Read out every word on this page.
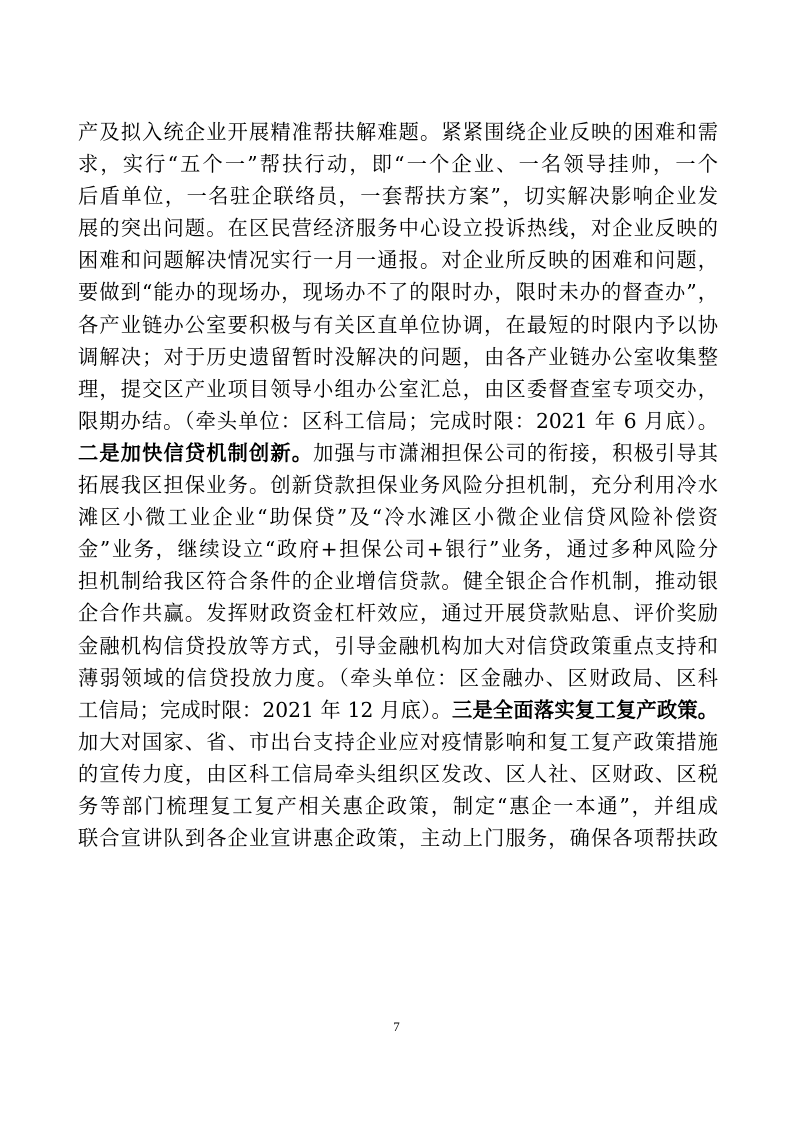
产及拟入统企业开展精准帮扶解难题。紧紧围绕企业反映的困难和需
求，实行“五个一”帮扶行动，即“一个企业、一名领导挂帅，一个
后盾单位，一名驻企联络员，一套帮扶方案”，切实解决影响企业发
展的突出问题。在区民营经济服务中心设立投诉热线，对企业反映的
困难和问题解决情况实行一月一通报。对企业所反映的困难和问题，
要做到“能办的现场办，现场办不了的限时办，限时未办的督查办”，
各产业链办公室要积极与有关区直单位协调，在最短的时限内予以协
调解决；对于历史遗留暂时没解决的问题，由各产业链办公室收集整
理，提交区产业项目领导小组办公室汇总，由区委督查室专项交办，
限期办结。（牵头单位：区科工信局；完成时限：2021 年 6 月底）。
二是加快信贷机制创新。加强与市潇湘担保公司的衔接，积极引导其
拓展我区担保业务。创新贷款担保业务风险分担机制，充分利用冷水
滩区小微工业企业“助保贷”及“冷水滩区小微企业信贷风险补偿资
金”业务，继续设立“政府+担保公司+银行”业务，通过多种风险分
担机制给我区符合条件的企业增信贷款。健全银企合作机制，推动银
企合作共赢。发挥财政资金杠杆效应，通过开展贷款贴息、评价奖励
金融机构信贷投放等方式，引导金融机构加大对信贷政策重点支持和
薄弱领域的信贷投放力度。（牵头单位：区金融办、区财政局、区科
工信局；完成时限：2021 年 12 月底）。三是全面落实复工复产政策。
加大对国家、省、市出台支持企业应对疫情影响和复工复产政策措施
的宣传力度，由区科工信局牵头组织区发改、区人社、区财政、区税
务等部门梳理复工复产相关惠企政策，制定“惠企一本通”，并组成
联合宣讲队到各企业宣讲惠企政策，主动上门服务，确保各项帮扶政
7
